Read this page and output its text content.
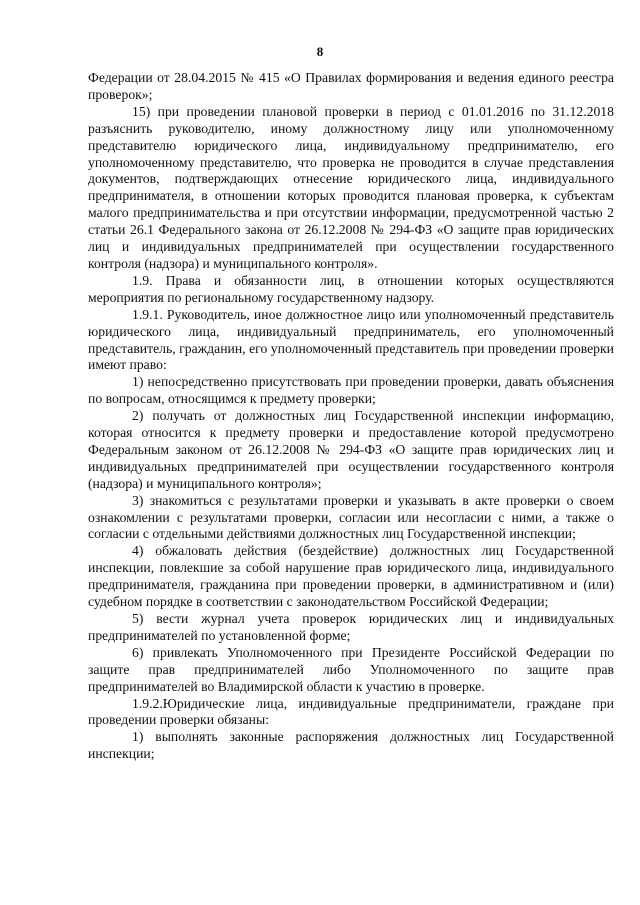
8

Федерации от 28.04.2015 № 415 «О Правилах формирования и ведения единого реестра проверок»;

15) при проведении плановой проверки в период с 01.01.2016 по 31.12.2018 разъяснить руководителю, иному должностному лицу или уполномоченному представителю юридического лица, индивидуальному предпринимателю, его уполномоченному представителю, что проверка не проводится в случае представления документов, подтверждающих отнесение юридического лица, индивидуального предпринимателя, в отношении которых проводится плановая проверка, к субъектам малого предпринимательства и при отсутствии информации, предусмотренной частью 2 статьи 26.1 Федерального закона от 26.12.2008 № 294-ФЗ «О защите прав юридических лиц и индивидуальных предпринимателей при осуществлении государственного контроля (надзора) и муниципального контроля».

1.9. Права и обязанности лиц, в отношении которых осуществляются мероприятия по региональному государственному надзору.

1.9.1. Руководитель, иное должностное лицо или уполномоченный представитель юридического лица, индивидуальный предприниматель, его уполномоченный представитель, гражданин, его уполномоченный представитель при проведении проверки имеют право:

1) непосредственно присутствовать при проведении проверки, давать объяснения по вопросам, относящимся к предмету проверки;

2) получать от должностных лиц Государственной инспекции информацию, которая относится к предмету проверки и предоставление которой предусмотрено Федеральным законом от 26.12.2008 № 294-ФЗ «О защите прав юридических лиц и индивидуальных предпринимателей при осуществлении государственного контроля (надзора) и муниципального контроля»;

3) знакомиться с результатами проверки и указывать в акте проверки о своем ознакомлении с результатами проверки, согласии или несогласии с ними, а также о согласии с отдельными действиями должностных лиц Государственной инспекции;

4) обжаловать действия (бездействие) должностных лиц Государственной инспекции, повлекшие за собой нарушение прав юридического лица, индивидуального предпринимателя, гражданина при проведении проверки, в административном и (или) судебном порядке в соответствии с законодательством Российской Федерации;

5) вести журнал учета проверок юридических лиц и индивидуальных предпринимателей по установленной форме;

6) привлекать Уполномоченного при Президенте Российской Федерации по защите прав предпринимателей либо Уполномоченного по защите прав предпринимателей во Владимирской области к участию в проверке.

1.9.2.Юридические лица, индивидуальные предприниматели, граждане при проведении проверки обязаны:

1) выполнять законные распоряжения должностных лиц Государственной инспекции;
